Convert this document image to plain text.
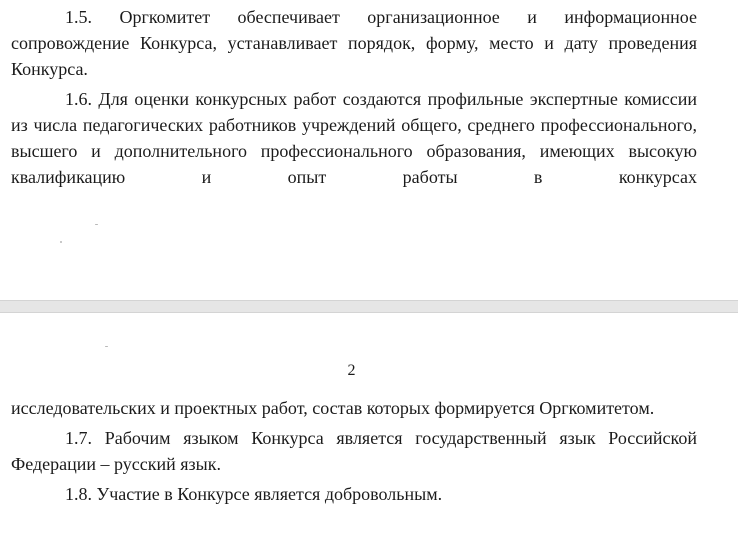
1.5. Оргкомитет обеспечивает организационное и информационное сопровождение Конкурса, устанавливает порядок, форму, место и дату проведения Конкурса.

1.6. Для оценки конкурсных работ создаются профильные экспертные комиссии из числа педагогических работников учреждений общего, среднего профессионального, высшего и дополнительного профессионального образования, имеющих высокую квалификацию и опыт работы в конкурсах

2

исследовательских и проектных работ, состав которых формируется Оргкомитетом.

1.7. Рабочим языком Конкурса является государственный язык Российской Федерации – русский язык.

1.8. Участие в Конкурсе является добровольным.
